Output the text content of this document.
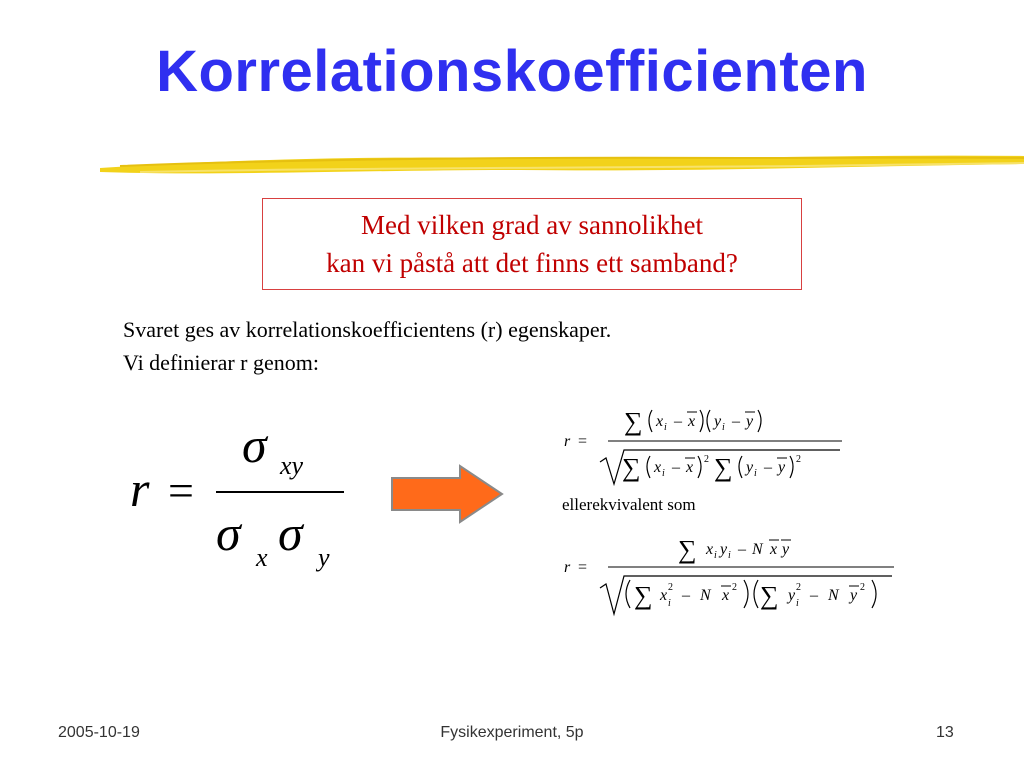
Korrelationskoefficienten
Med vilken grad av sannolikhet
kan vi påstå att det finns ett samband?
Svaret ges av korrelationskoefficientens (r) egenskaper.
Vi definierar r genom:
r =
σ xy
σ x σ y
r =
∑ x i – x y i – y
∑ x i – x 2 ∑ y i – y 2
ellerekvivalent som
r =
∑ x i y i – N x y
∑ x 2
i – N x 2 ∑ y 2
i – N y 2
2005-10-19	Fysikexperiment, 5p	13
